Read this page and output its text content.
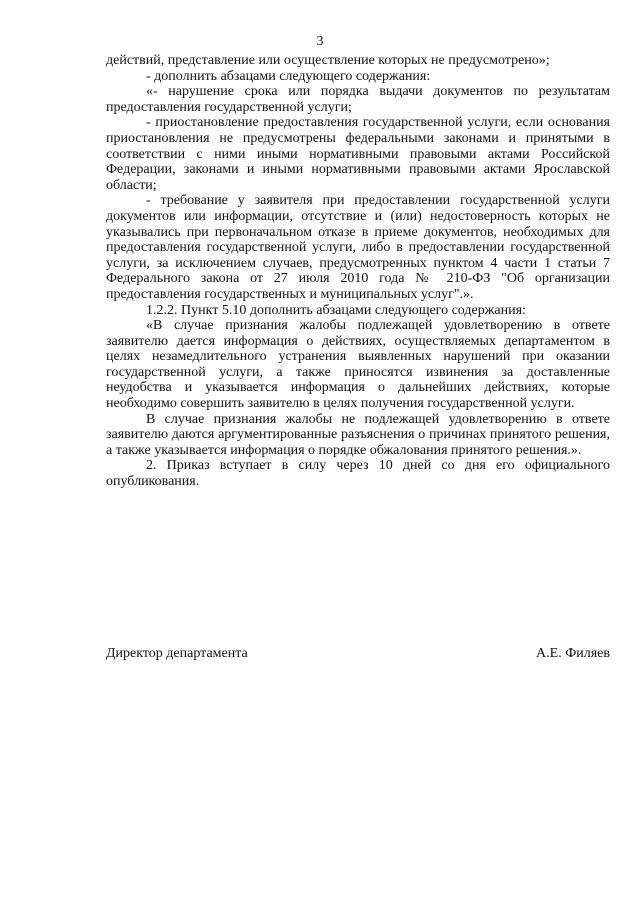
3

действий, представление или осуществление которых не предусмотрено»;

- дополнить абзацами следующего содержания:

«- нарушение срока или порядка выдачи документов по результатам предоставления государственной услуги;

- приостановление предоставления государственной услуги, если основания приостановления не предусмотрены федеральными законами и принятыми в соответствии с ними иными нормативными правовыми актами Российской Федерации, законами и иными нормативными правовыми актами Ярославской области;

- требование у заявителя при предоставлении государственной услуги документов или информации, отсутствие и (или) недостоверность которых не указывались при первоначальном отказе в приеме документов, необходимых для предоставления государственной услуги, либо в предоставлении государственной услуги, за исключением случаев, предусмотренных пунктом 4 части 1 статьи 7 Федерального закона от 27 июля 2010 года № 210-ФЗ "Об организации предоставления государственных и муниципальных услуг".».

1.2.2. Пункт 5.10 дополнить абзацами следующего содержания:

«В случае признания жалобы подлежащей удовлетворению в ответе заявителю дается информация о действиях, осуществляемых департаментом в целях незамедлительного устранения выявленных нарушений при оказании государственной услуги, а также приносятся извинения за доставленные неудобства и указывается информация о дальнейших действиях, которые необходимо совершить заявителю в целях получения государственной услуги.

В случае признания жалобы не подлежащей удовлетворению в ответе заявителю даются аргументированные разъяснения о причинах принятого решения, а также указывается информация о порядке обжалования принятого решения.».

2. Приказ вступает в силу через 10 дней со дня его официального опубликования.

Директор департамента	А.Е. Филяев
